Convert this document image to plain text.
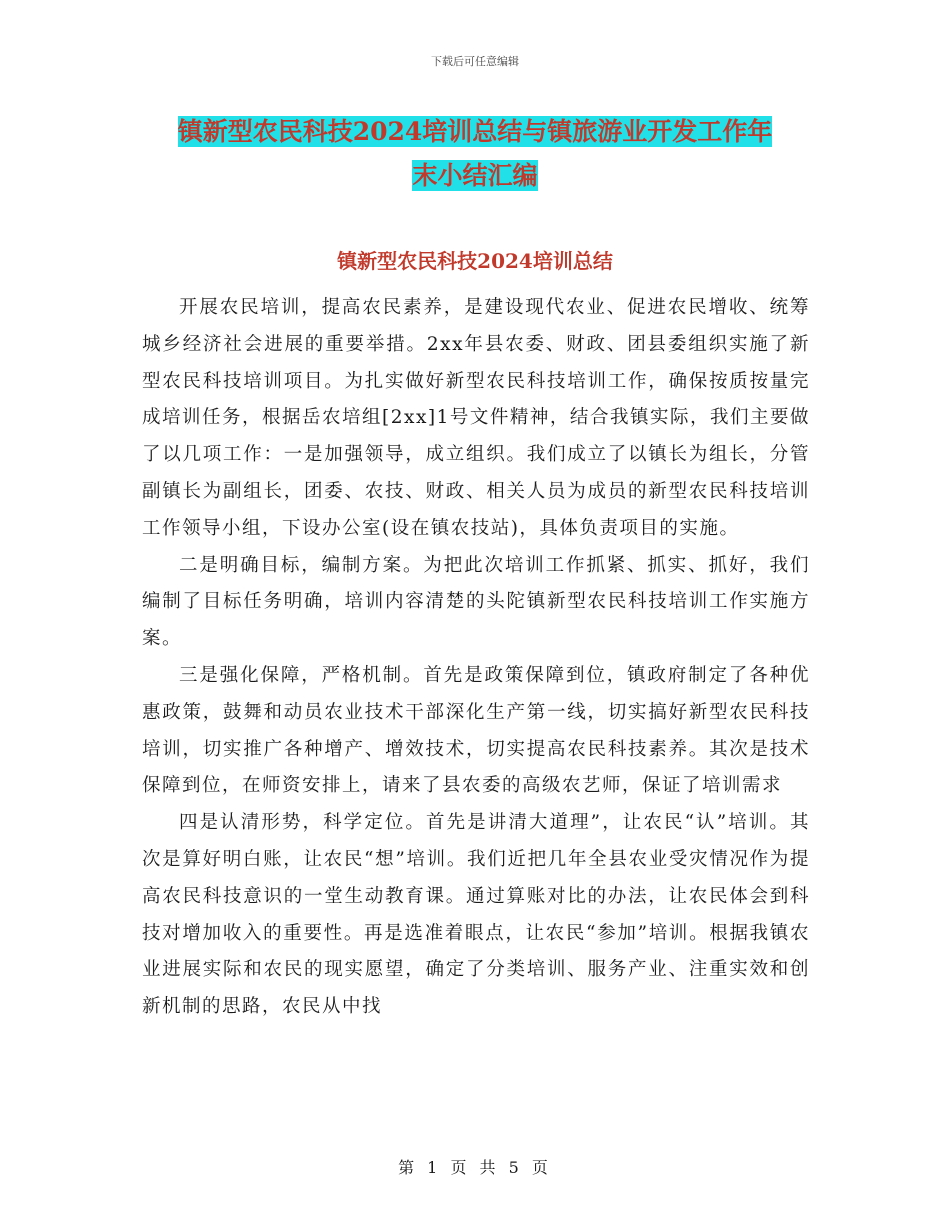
下载后可任意编辑
镇新型农民科技2024培训总结与镇旅游业开发工作年
末小结汇编
镇新型农民科技2024培训总结

开展农民培训，提高农民素养，是建设现代农业、促进农民增收、统筹城乡经济社会进展的重要举措。2xx年县农委、财政、团县委组织实施了新型农民科技培训项目。为扎实做好新型农民科技培训工作，确保按质按量完成培训任务，根据岳农培组[2xx]1号文件精神，结合我镇实际，我们主要做了以几项工作：一是加强领导，成立组织。我们成立了以镇长为组长，分管副镇长为副组长，团委、农技、财政、相关人员为成员的新型农民科技培训工作领导小组，下设办公室(设在镇农技站)，具体负责项目的实施。

二是明确目标，编制方案。为把此次培训工作抓紧、抓实、抓好，我们编制了目标任务明确，培训内容清楚的头陀镇新型农民科技培训工作实施方案。

三是强化保障，严格机制。首先是政策保障到位，镇政府制定了各种优惠政策，鼓舞和动员农业技术干部深化生产第一线，切实搞好新型农民科技培训，切实推广各种增产、增效技术，切实提高农民科技素养。其次是技术保障到位，在师资安排上，请来了县农委的高级农艺师，保证了培训需求

四是认清形势，科学定位。首先是讲清大道理”，让农民“认”培训。其次是算好明白账，让农民“想”培训。我们近把几年全县农业受灾情况作为提高农民科技意识的一堂生动教育课。通过算账对比的办法，让农民体会到科技对增加收入的重要性。再是选准着眼点，让农民“参加”培训。根据我镇农业进展实际和农民的现实愿望，确定了分类培训、服务产业、注重实效和创新机制的思路，农民从中找

第 1 页 共 5 页
